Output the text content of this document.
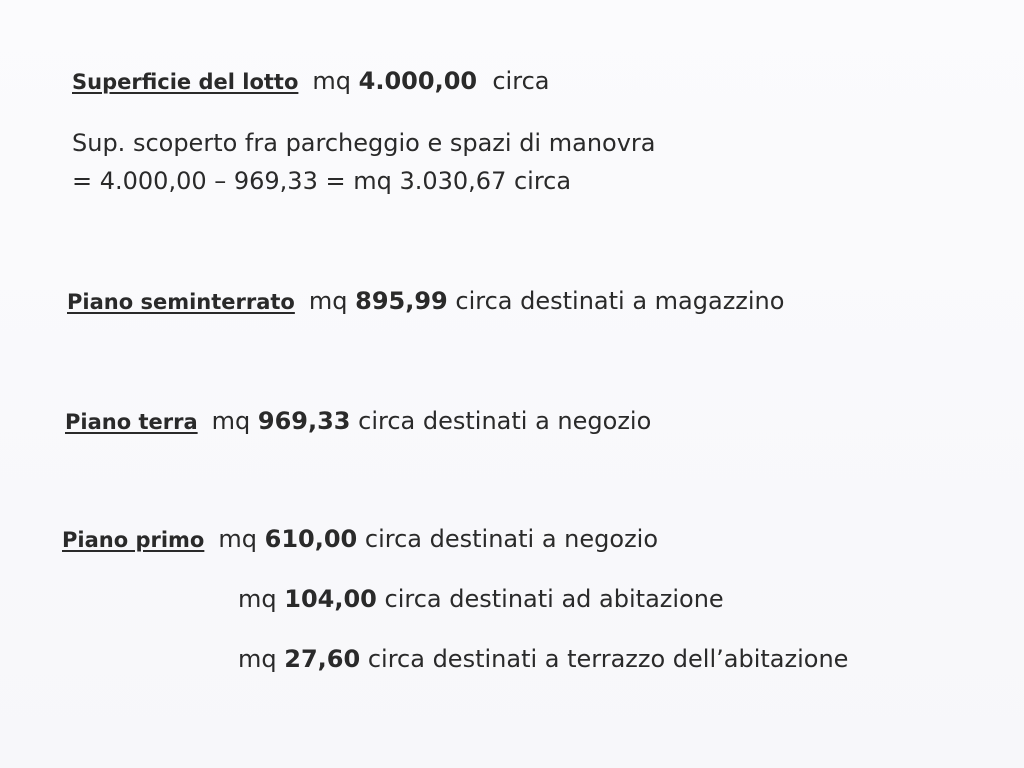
Superficie del lotto mq 4.000,00 circa
Sup. scoperto fra parcheggio e spazi di manovra
= 4.000,00 – 969,33 = mq 3.030,67 circa
Piano seminterrato mq 895,99 circa destinati a magazzino
Piano terra mq 969,33 circa destinati a negozio
Piano primo mq 610,00 circa destinati a negozio
mq 104,00 circa destinati ad abitazione
mq 27,60 circa destinati a terrazzo dell’abitazione
